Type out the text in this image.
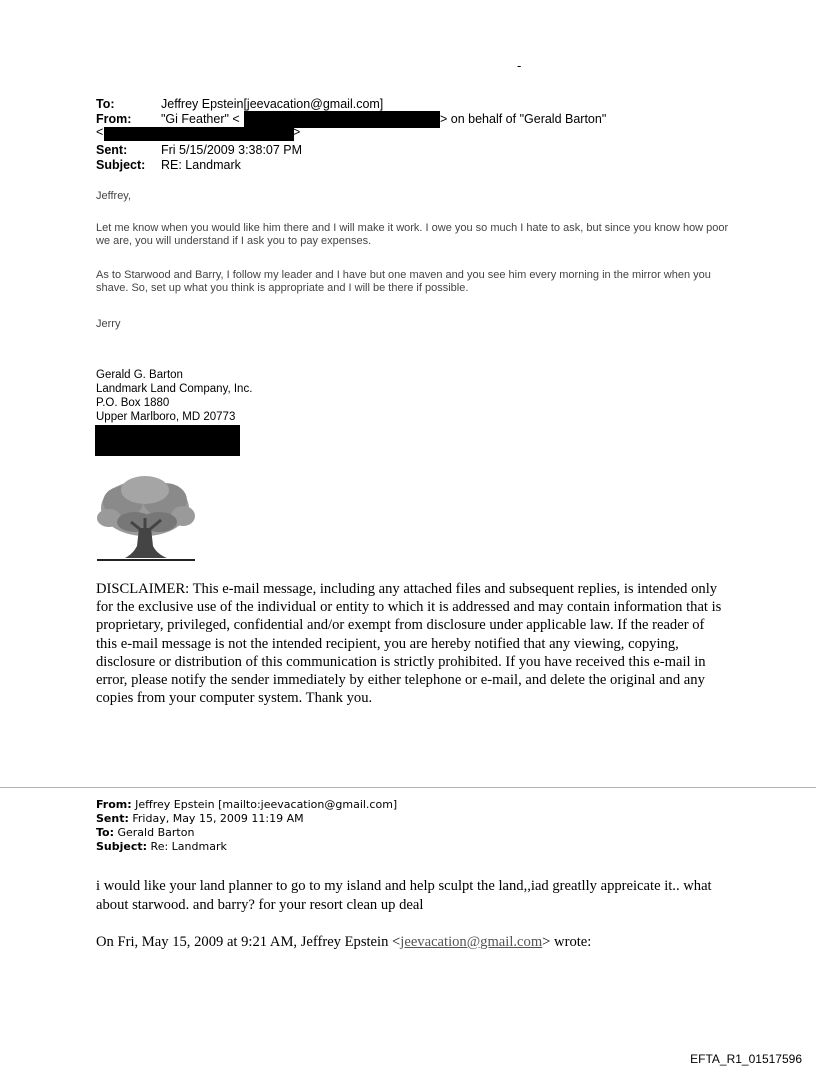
-
To:	Jeffrey Epstein[jeevacation@gmail.com]
From: "Gi Feather" <	> on behalf of "Gerald Barton"
<	>
Sent:	Fri 5/15/2009 3:38:07 PM
Subject: RE: Landmark
Jeffrey,
Let me know when you would like him there and I will make it work. I owe you so much I hate to ask, but since you know how poor we are, you will understand if I ask you to pay expenses.
As to Starwood and Barry, I follow my leader and I have but one maven and you see him every morning in the mirror when you shave. So, set up what you think is appropriate and I will be there if possible.
Jerry
Gerald G. Barton
Landmark Land Company, Inc.
P.O. Box 1880
Upper Marlboro, MD 20773
DISCLAIMER: This e-mail message, including any attached files and subsequent replies, is intended only for the exclusive use of the individual or entity to which it is addressed and may contain information that is proprietary, privileged, confidential and/or exempt from disclosure under applicable law. If the reader of this e-mail message is not the intended recipient, you are hereby notified that any viewing, copying, disclosure or distribution of this communication is strictly prohibited. If you have received this e-mail in error, please notify the sender immediately by either telephone or e-mail, and delete the original and any copies from your computer system. Thank you.
From: Jeffrey Epstein [mailto:jeevacation@gmail.com]
Sent: Friday, May 15, 2009 11:19 AM
To: Gerald Barton
Subject: Re: Landmark
i would like your land planner to go to my island and help sculpt the land,,iad greatlly appreicate it.. what about starwood. and barry? for your resort clean up deal
On Fri, May 15, 2009 at 9:21 AM, Jeffrey Epstein <jeevacation@gmail.com> wrote:
EFTA_R1_01517596
